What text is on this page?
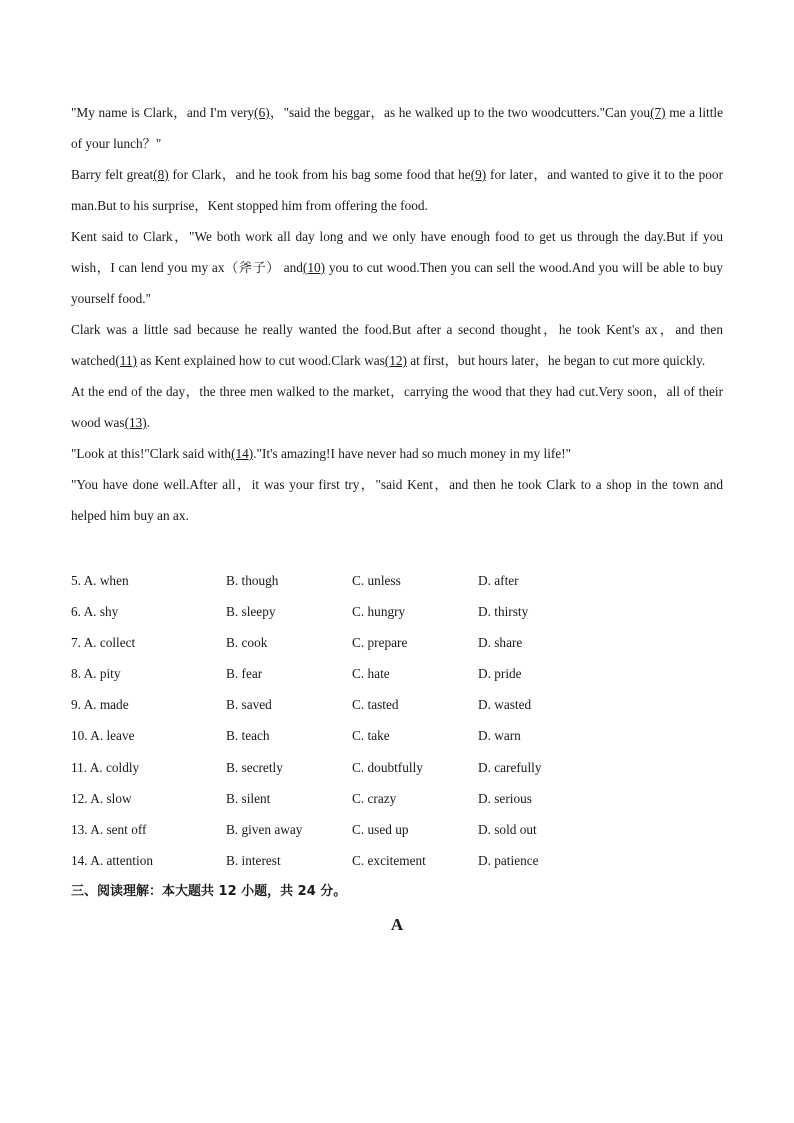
"My name is Clark，and I'm very(6)，"said the beggar，as he walked up to the two woodcutters."Can you(7) me a little of your lunch？"

Barry felt great(8) for Clark，and he took from his bag some food that he(9) for later，and wanted to give it to the poor man.But to his surprise，Kent stopped him from offering the food.

Kent said to Clark，"We both work all day long and we only have enough food to get us through the day.But if you wish，I can lend you my ax（斧子） and(10) you to cut wood.Then you can sell the wood.And you will be able to buy yourself food."

Clark was a little sad because he really wanted the food.But after a second thought，he took Kent's ax，and then watched(11) as Kent explained how to cut wood.Clark was(12) at first，but hours later，he began to cut more quickly.

At the end of the day，the three men walked to the market，carrying the wood that they had cut.Very soon，all of their wood was(13).

"Look at this!"Clark said with(14)."It's amazing!I have never had so much money in my life!"

"You have done well.After all，it was your first try，"said Kent，and then he took Clark to a shop in the town and helped him buy an ax.

5. A. when	B. though	C. unless	D. after
6. A. shy	B. sleepy	C. hungry	D. thirsty
7. A. collect	B. cook	C. prepare	D. share
8. A. pity	B. fear	C. hate	D. pride
9. A. made	B. saved	C. tasted	D. wasted
10. A. leave	B. teach	C. take	D. warn
11. A. coldly	B. secretly	C. doubtfully	D. carefully
12. A. slow	B. silent	C. crazy	D. serious
13. A. sent off	B. given away	C. used up	D. sold out
14. A. attention	B. interest	C. excitement	D. patience
三、阅读理解：本大题共 12 小题，共 24 分。
A
